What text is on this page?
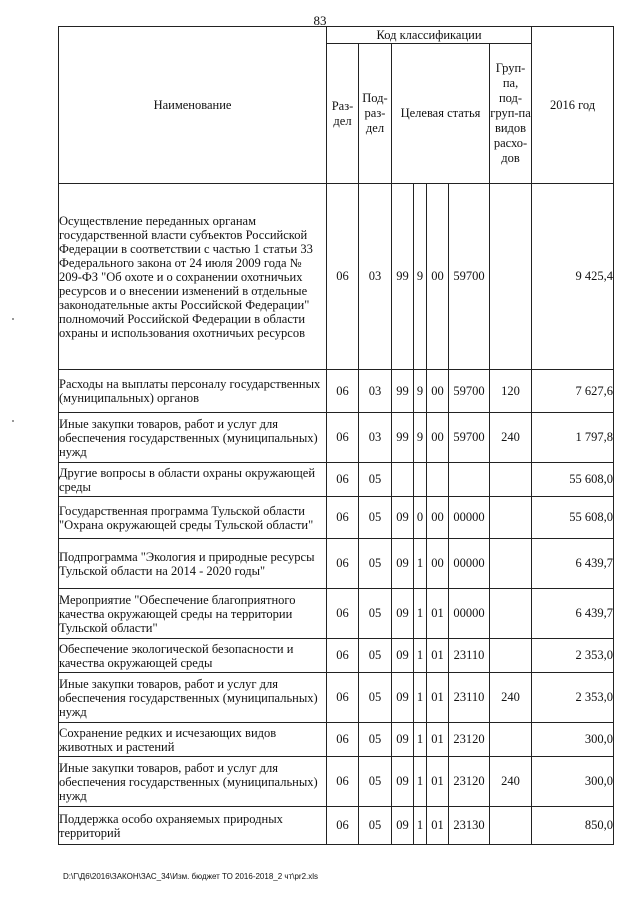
83
Наименование	Код классификации							2016 год
	Раз-дел	Под-раз-дел	Целевая статья				Груп-па, под-груп-па видов расхо-дов	
Осуществление переданных органам государственной власти субъектов Российской Федерации в соответствии с частью 1 статьи 33 Федерального закона от 24 июля 2009 года № 209-ФЗ "Об охоте и о сохранении охотничьих ресурсов и о внесении изменений в отдельные законодательные акты Российской Федерации" полномочий Российской Федерации в области охраны и использования охотничьих ресурсов	06	03	99	9	00	59700		9 425,4
Расходы на выплаты персоналу государственных (муниципальных) органов	06	03	99	9	00	59700	120	7 627,6
Иные закупки товаров, работ и услуг для обеспечения государственных (муниципальных) нужд	06	03	99	9	00	59700	240	1 797,8
Другие вопросы в области охраны окружающей среды	06	05						55 608,0
Государственная программа Тульской области "Охрана окружающей среды Тульской области"	06	05	09	0	00	00000		55 608,0
Подпрограмма "Экология и природные ресурсы Тульской области на 2014 - 2020 годы"	06	05	09	1	00	00000		6 439,7
Мероприятие "Обеспечение благоприятного качества окружающей среды на территории Тульской области"	06	05	09	1	01	00000		6 439,7
Обеспечение экологической безопасности и качества окружающей среды	06	05	09	1	01	23110		2 353,0
Иные закупки товаров, работ и услуг для обеспечения государственных (муниципальных) нужд	06	05	09	1	01	23110	240	2 353,0
Сохранение редких и исчезающих видов животных и растений	06	05	09	1	01	23120		300,0
Иные закупки товаров, работ и услуг для обеспечения государственных (муниципальных) нужд	06	05	09	1	01	23120	240	300,0
Поддержка особо охраняемых природных территорий	06	05	09	1	01	23130		850,0
D:\Г\Д6\2016\ЗАКОН\ЗАС_34\Изм. бюджет ТО 2016-2018_2 чт\pr2.xls
